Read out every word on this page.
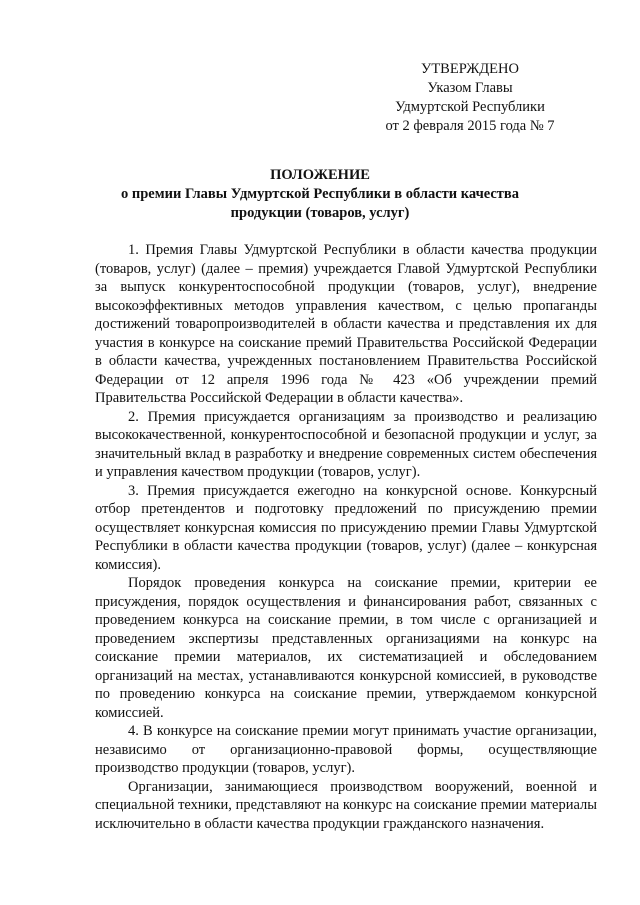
УТВЕРЖДЕНО
Указом Главы
Удмуртской Республики
от 2 февраля 2015 года № 7
ПОЛОЖЕНИЕ
о премии Главы Удмуртской Республики в области качества
продукции (товаров, услуг)

1. Премия Главы Удмуртской Республики в области качества продукции (товаров, услуг) (далее – премия) учреждается Главой Удмуртской Республики за выпуск конкурентоспособной продукции (товаров, услуг), внедрение высокоэффективных методов управления качеством, с целью пропаганды достижений товаропроизводителей в области качества и представления их для участия в конкурсе на соискание премий Правительства Российской Федерации в области качества, учрежденных постановлением Правительства Российской Федерации от 12 апреля 1996 года № 423 «Об учреждении премий Правительства Российской Федерации в области качества».

2. Премия присуждается организациям за производство и реализацию высококачественной, конкурентоспособной и безопасной продукции и услуг, за значительный вклад в разработку и внедрение современных систем обеспечения и управления качеством продукции (товаров, услуг).

3. Премия присуждается ежегодно на конкурсной основе. Конкурсный отбор претендентов и подготовку предложений по присуждению премии осуществляет конкурсная комиссия по присуждению премии Главы Удмуртской Республики в области качества продукции (товаров, услуг) (далее – конкурсная комиссия).

Порядок проведения конкурса на соискание премии, критерии ее присуждения, порядок осуществления и финансирования работ, связанных с проведением конкурса на соискание премии, в том числе с организацией и проведением экспертизы представленных организациями на конкурс на соискание премии материалов, их систематизацией и обследованием организаций на местах, устанавливаются конкурсной комиссией, в руководстве по проведению конкурса на соискание премии, утверждаемом конкурсной комиссией.

4. В конкурсе на соискание премии могут принимать участие организации, независимо от организационно-правовой формы, осуществляющие производство продукции (товаров, услуг).

Организации, занимающиеся производством вооружений, военной и специальной техники, представляют на конкурс на соискание премии материалы исключительно в области качества продукции гражданского назначения.
